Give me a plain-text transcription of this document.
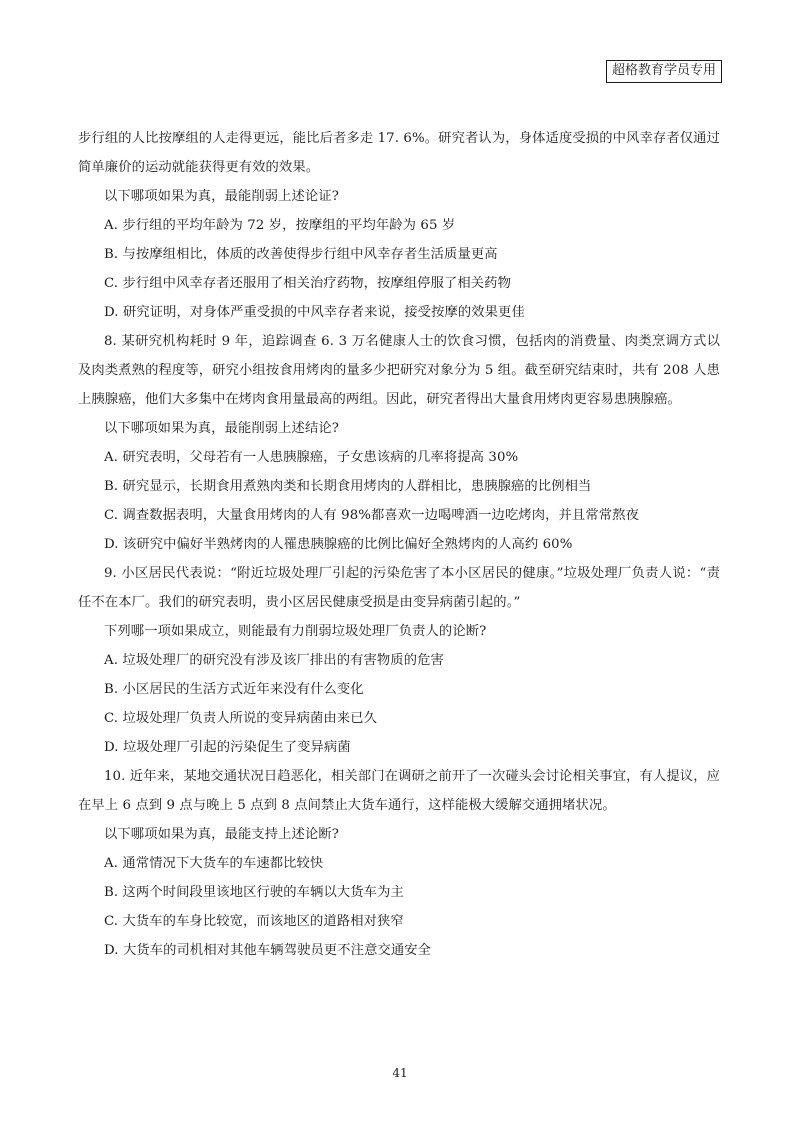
超格教育学员专用

步行组的人比按摩组的人走得更远，能比后者多走 17. 6%。研究者认为，身体适度受损的中风幸存者仅通过简单廉价的运动就能获得更有效的效果。

以下哪项如果为真，最能削弱上述论证?

A. 步行组的平均年龄为 72 岁，按摩组的平均年龄为 65 岁

B. 与按摩组相比，体质的改善使得步行组中风幸存者生活质量更高

C. 步行组中风幸存者还服用了相关治疗药物，按摩组停服了相关药物

D. 研究证明，对身体严重受损的中风幸存者来说，接受按摩的效果更佳

8. 某研究机构耗时 9 年，追踪调查 6. 3 万名健康人士的饮食习惯，包括肉的消费量、肉类烹调方式以及肉类煮熟的程度等，研究小组按食用烤肉的量多少把研究对象分为 5 组。截至研究结束时，共有 208 人患上胰腺癌，他们大多集中在烤肉食用量最高的两组。因此，研究者得出大量食用烤肉更容易患胰腺癌。

以下哪项如果为真，最能削弱上述结论?

A. 研究表明，父母若有一人患胰腺癌，子女患该病的几率将提高 30%

B. 研究显示，长期食用煮熟肉类和长期食用烤肉的人群相比，患胰腺癌的比例相当

C. 调查数据表明，大量食用烤肉的人有 98%都喜欢一边喝啤酒一边吃烤肉，并且常常熬夜

D. 该研究中偏好半熟烤肉的人罹患胰腺癌的比例比偏好全熟烤肉的人高约 60%

9. 小区居民代表说：“附近垃圾处理厂引起的污染危害了本小区居民的健康。”垃圾处理厂负责人说：“责任不在本厂。我们的研究表明，贵小区居民健康受损是由变异病菌引起的。”

下列哪一项如果成立，则能最有力削弱垃圾处理厂负责人的论断?

A. 垃圾处理厂的研究没有涉及该厂排出的有害物质的危害

B. 小区居民的生活方式近年来没有什么变化

C. 垃圾处理厂负责人所说的变异病菌由来已久

D. 垃圾处理厂引起的污染促生了变异病菌

10. 近年来，某地交通状况日趋恶化，相关部门在调研之前开了一次碰头会讨论相关事宜，有人提议，应在早上 6 点到 9 点与晚上 5 点到 8 点间禁止大货车通行，这样能极大缓解交通拥堵状况。

以下哪项如果为真，最能支持上述论断?

A. 通常情况下大货车的车速都比较快

B. 这两个时间段里该地区行驶的车辆以大货车为主

C. 大货车的车身比较宽，而该地区的道路相对狭窄

D. 大货车的司机相对其他车辆驾驶员更不注意交通安全

41
